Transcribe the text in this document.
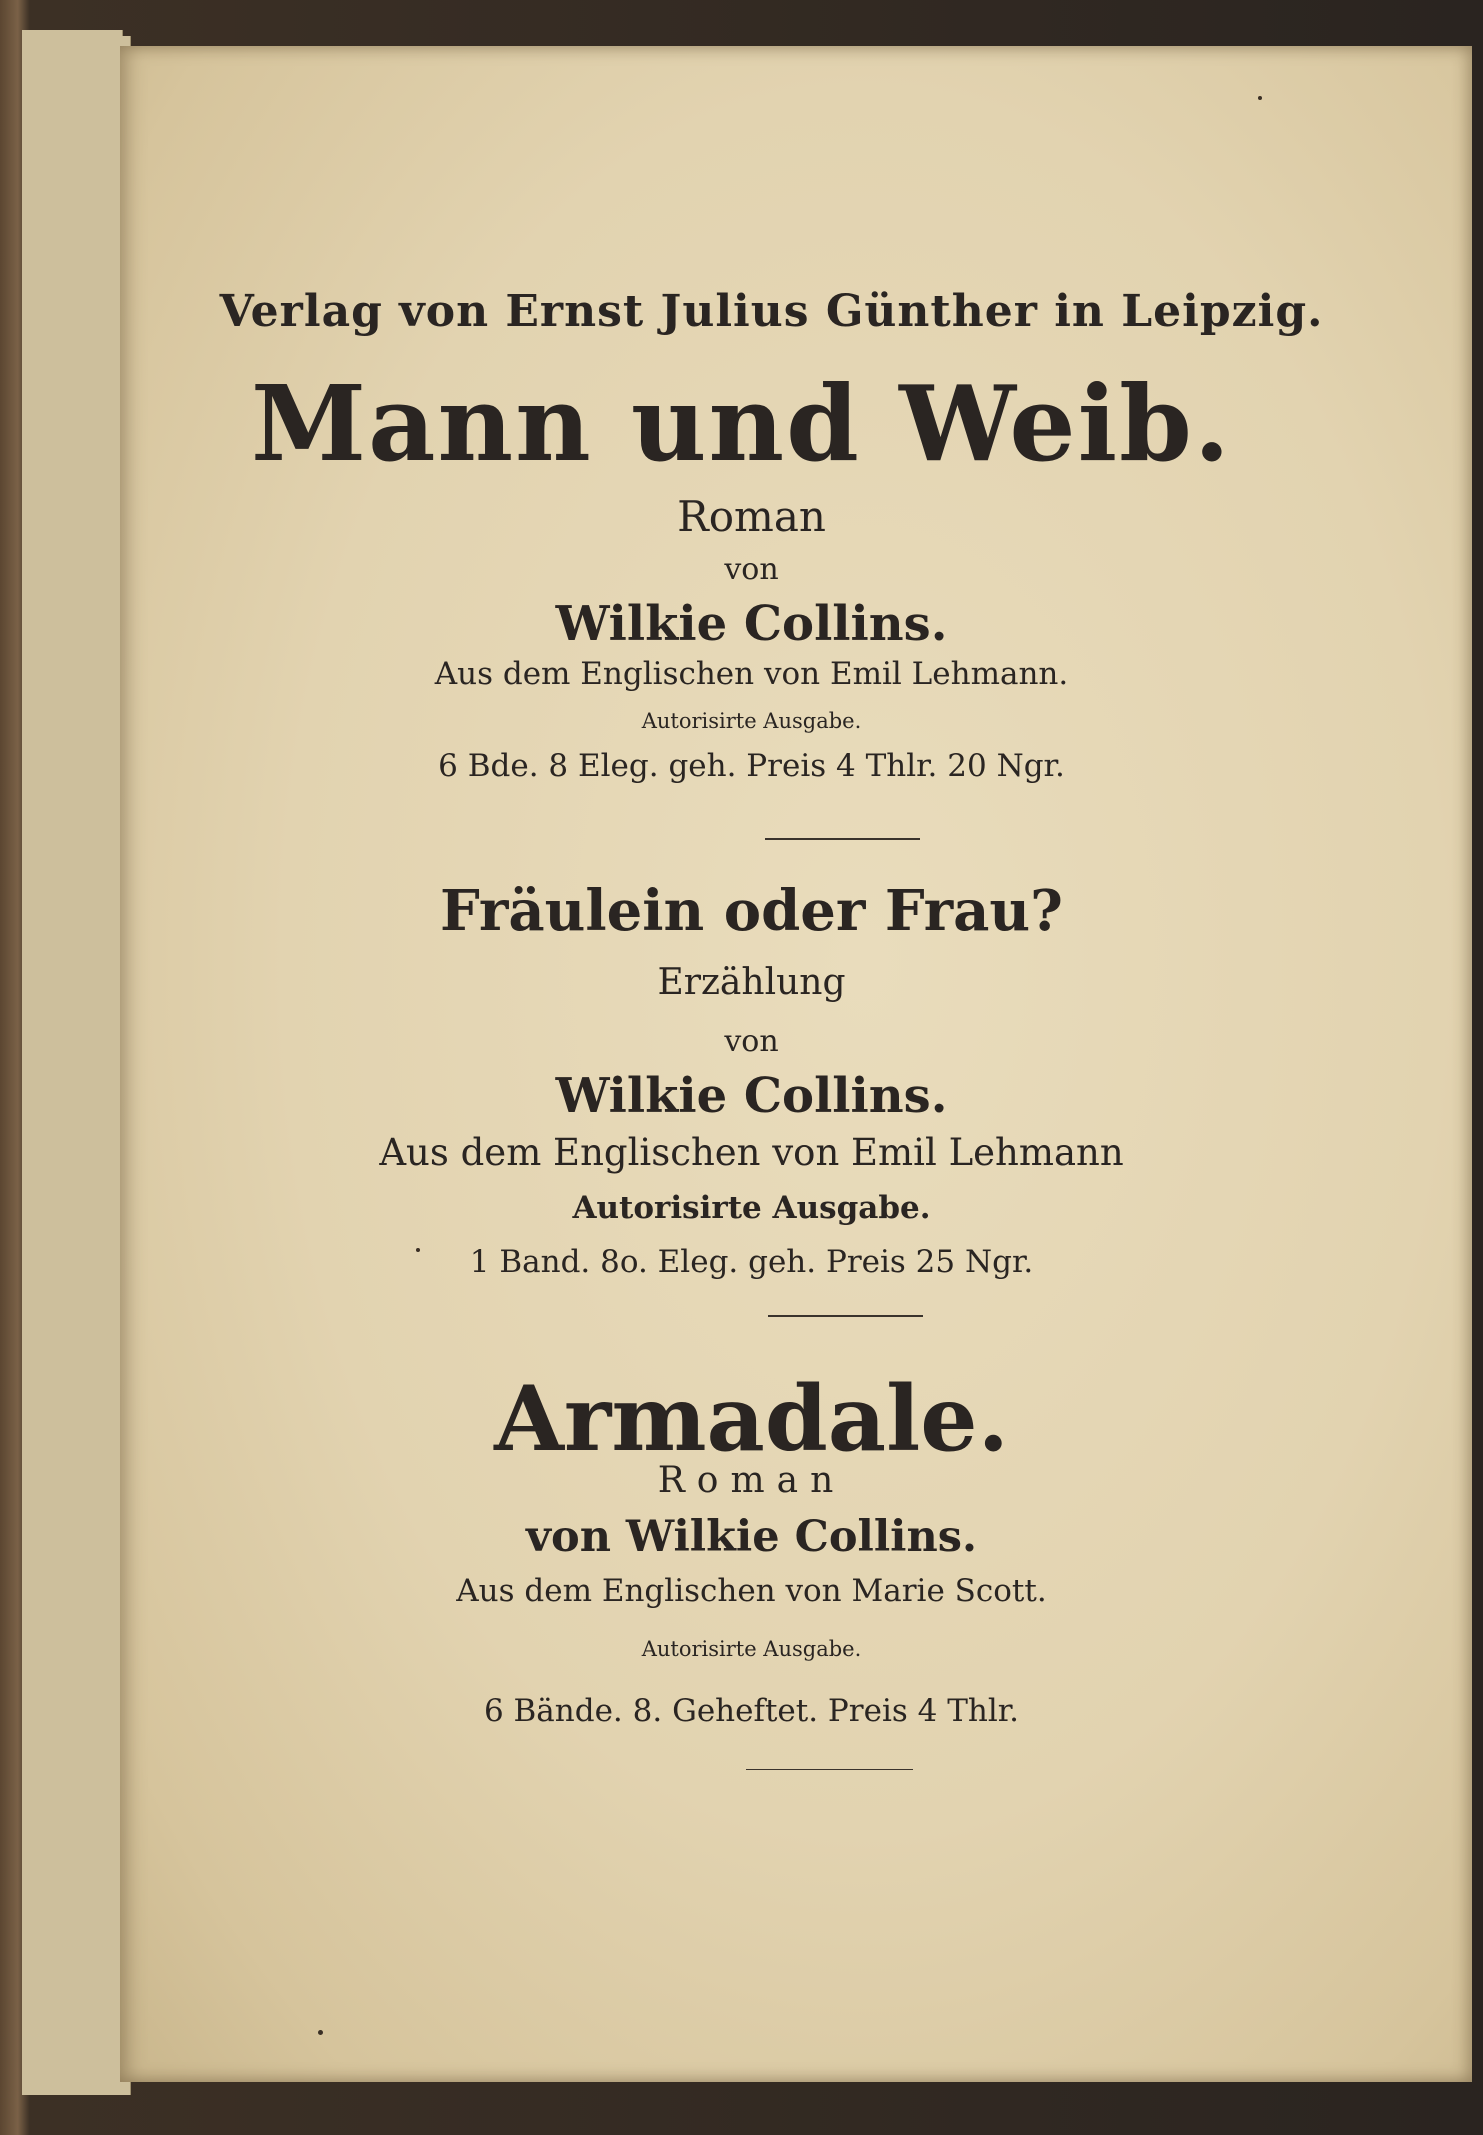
Verlag von Ernst Julius Günther in Leipzig.
Mann und Weib.
Roman
von
Wilkie Collins.
Aus dem Englischen von Emil Lehmann.
Autorisirte Ausgabe.
6 Bde. 8 Eleg. geh. Preis 4 Thlr. 20 Ngr.
Fräulein oder Frau?
Erzählung
von
Wilkie Collins.
Aus dem Englischen von Emil Lehmann
Autorisirte Ausgabe.
1 Band. 8o. Eleg. geh. Preis 25 Ngr.
Armadale.
Roman
von Wilkie Collins.
Aus dem Englischen von Marie Scott.
Autorisirte Ausgabe.
6 Bände. 8. Geheftet. Preis 4 Thlr.
